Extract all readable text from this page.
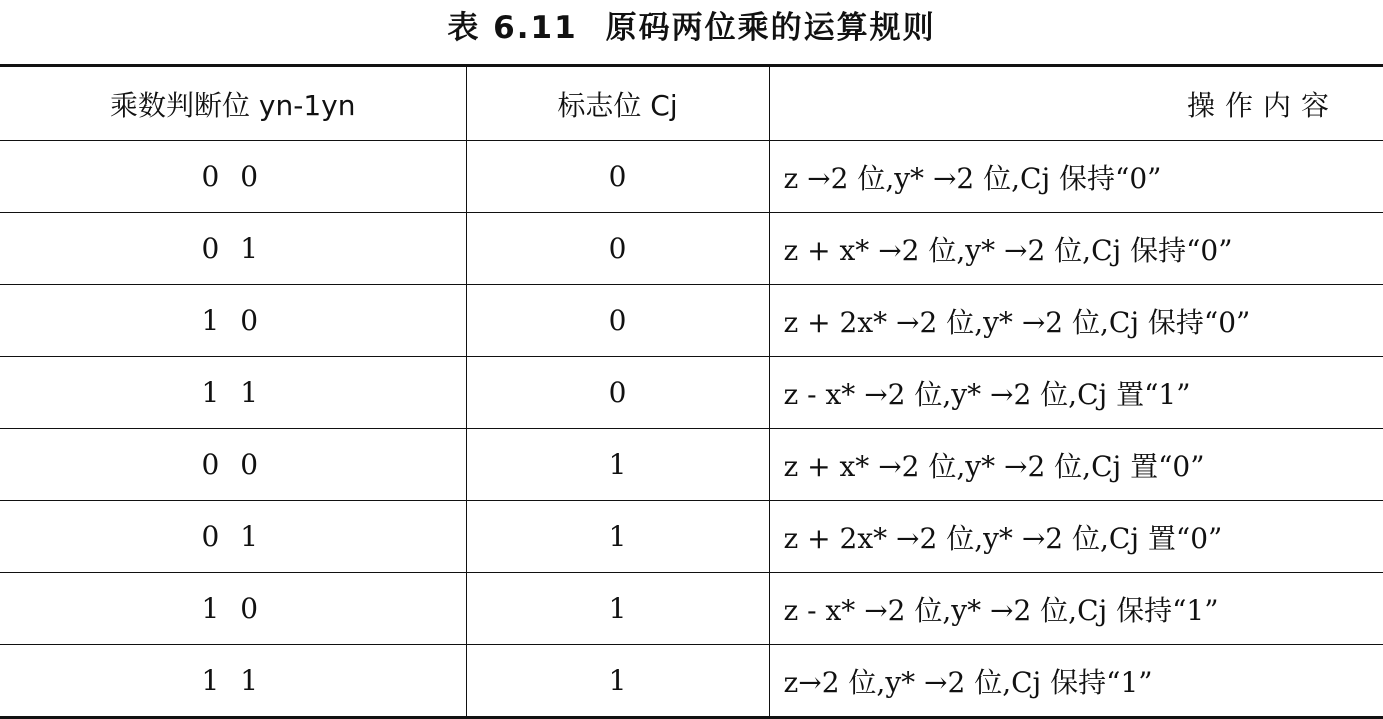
表 6.11 原码两位乘的运算规则
乘数判断位 yn-1yn	标志位 Cj	操作内容
0 0	0	z →2 位,y* →2 位,Cj 保持“0”
0 1	0	z + x* →2 位,y* →2 位,Cj 保持“0”
1 0	0	z + 2x* →2 位,y* →2 位,Cj 保持“0”
1 1	0	z - x* →2 位,y* →2 位,Cj 置“1”
0 0	1	z + x* →2 位,y* →2 位,Cj 置“0”
0 1	1	z + 2x* →2 位,y* →2 位,Cj 置“0”
1 0	1	z - x* →2 位,y* →2 位,Cj 保持“1”
1 1	1	z→2 位,y* →2 位,Cj 保持“1”
